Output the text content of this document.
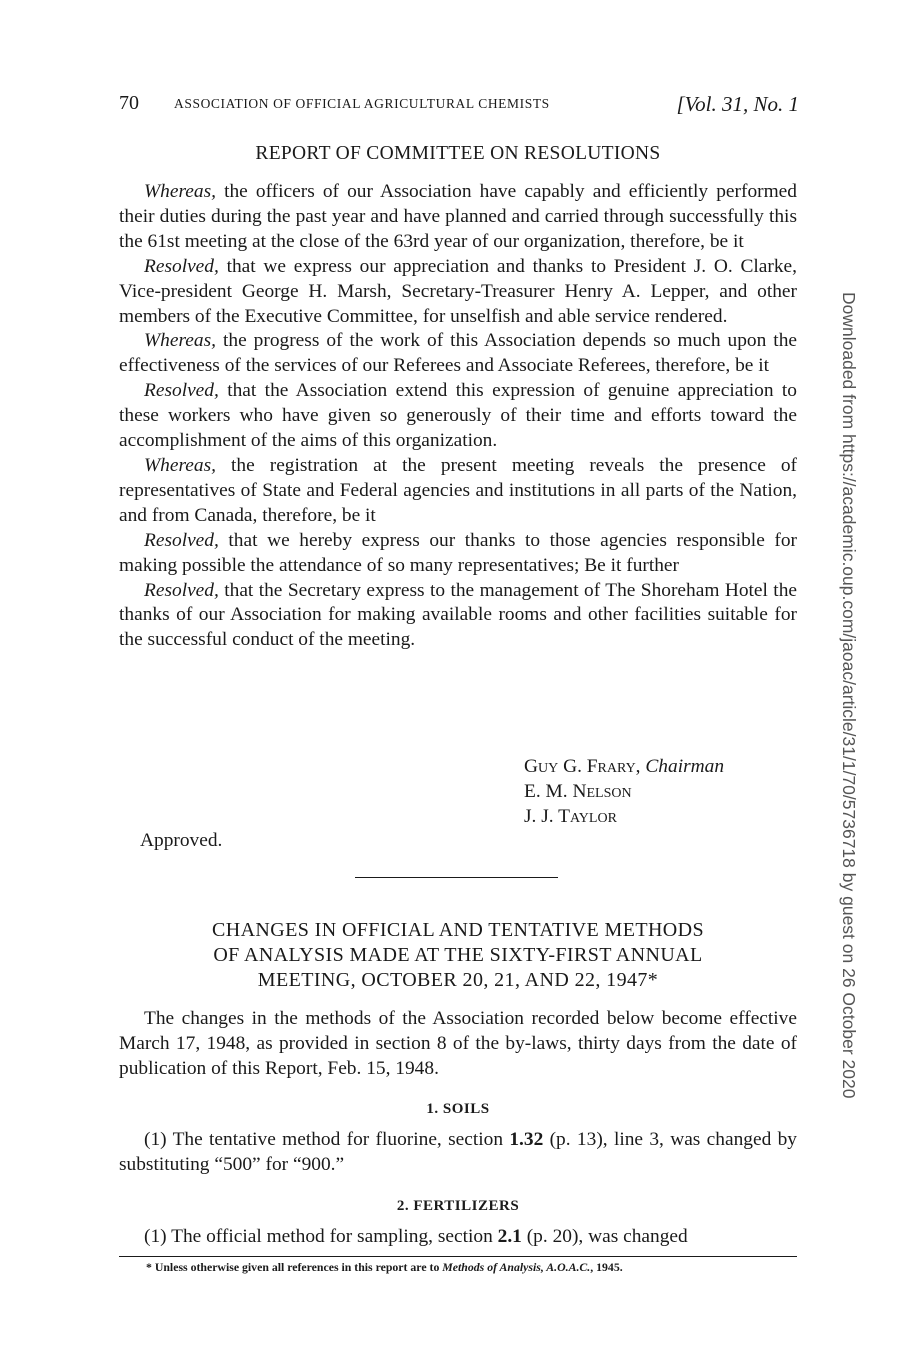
70	ASSOCIATION OF OFFICIAL AGRICULTURAL CHEMISTS	[Vol. 31, No. 1
REPORT OF COMMITTEE ON RESOLUTIONS

Whereas, the officers of our Association have capably and efficiently performed their duties during the past year and have planned and carried through successfully this the 61st meeting at the close of the 63rd year of our organization, therefore, be it

Resolved, that we express our appreciation and thanks to President J. O. Clarke, Vice-president George H. Marsh, Secretary-Treasurer Henry A. Lepper, and other members of the Executive Committee, for unselfish and able service rendered.

Whereas, the progress of the work of this Association depends so much upon the effectiveness of the services of our Referees and Associate Referees, therefore, be it

Resolved, that the Association extend this expression of genuine appreciation to these workers who have given so generously of their time and efforts toward the accomplishment of the aims of this organization.

Whereas, the registration at the present meeting reveals the presence of representatives of State and Federal agencies and institutions in all parts of the Nation, and from Canada, therefore, be it

Resolved, that we hereby express our thanks to those agencies responsible for making possible the attendance of so many representatives; Be it further

Resolved, that the Secretary express to the management of The Shoreham Hotel the thanks of our Association for making available rooms and other facilities suitable for the successful conduct of the meeting.

Guy G. Frary, Chairman
E. M. Nelson
J. J. Taylor
Approved.
CHANGES IN OFFICIAL AND TENTATIVE METHODS
OF ANALYSIS MADE AT THE SIXTY-FIRST ANNUAL
MEETING, OCTOBER 20, 21, AND 22, 1947*

The changes in the methods of the Association recorded below become effective March 17, 1948, as provided in section 8 of the by-laws, thirty days from the date of publication of this Report, Feb. 15, 1948.

1. SOILS

(1) The tentative method for fluorine, section 1.32 (p. 13), line 3, was changed by substituting “500” for “900.”

2. FERTILIZERS

(1) The official method for sampling, section 2.1 (p. 20), was changed

* Unless otherwise given all references in this report are to Methods of Analysis, A.O.A.C., 1945.
Downloaded from https://academic.oup.com/jaoac/article/31/1/70/5736718 by guest on 26 October 2020
